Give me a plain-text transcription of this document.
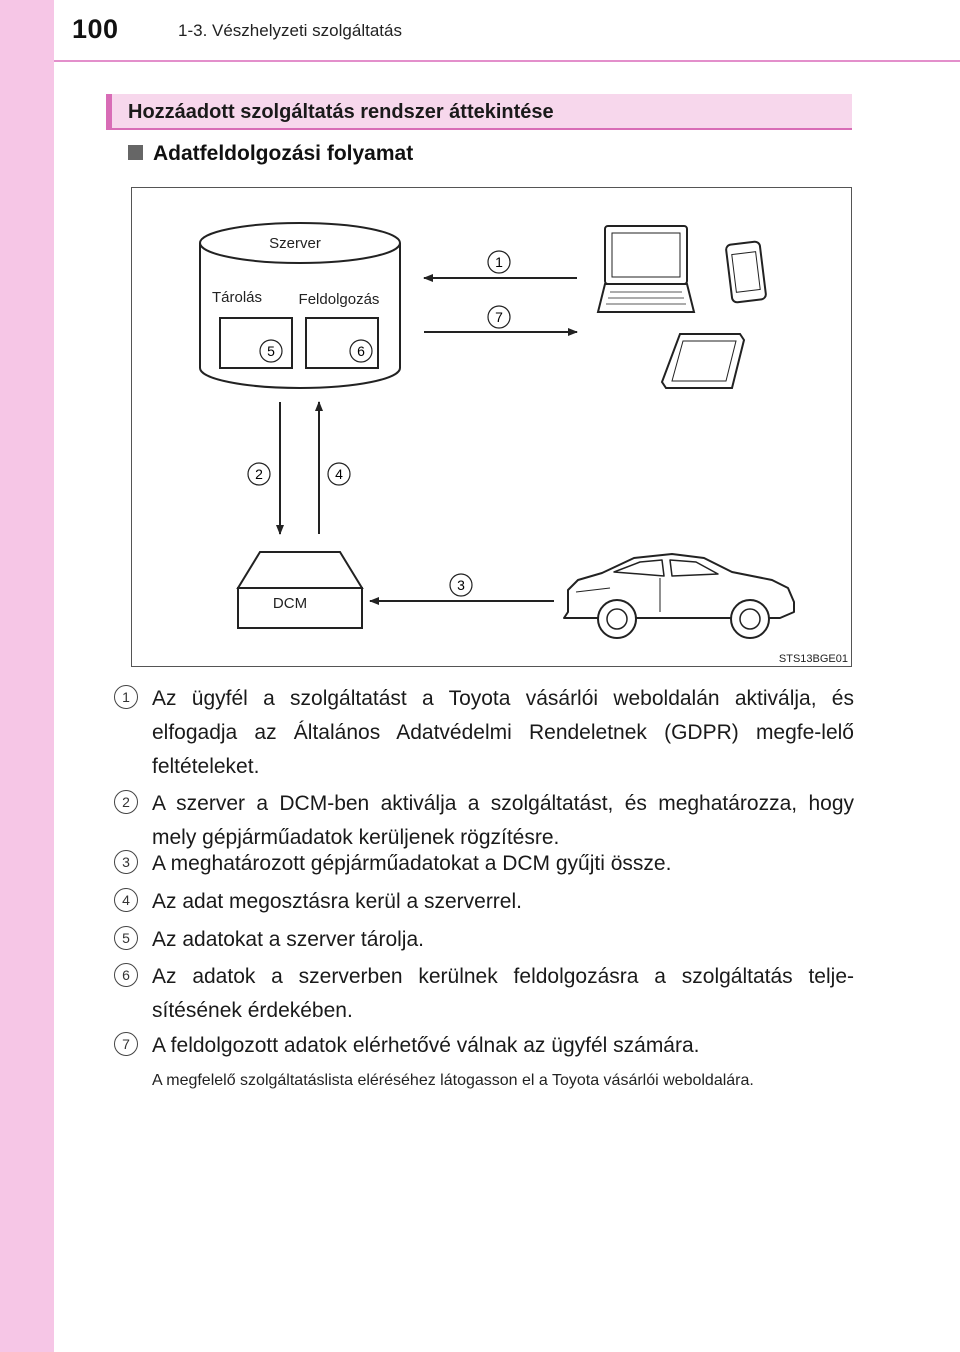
100	1-3. Vészhelyzeti szolgáltatás
Hozzáadott szolgáltatás rendszer áttekintése
Adatfeldolgozási folyamat
Szerver
Tárolás Feldolgozás
5	6
1
7
2	4
DCM
3
STS13BGE01
1	Az ügyfél a szolgáltatást a Toyota vásárlói weboldalán aktiválja, és elfogadja az Általános Adatvédelmi Rendeletnek (GDPR) megfe-lelő feltételeket.
2	A szerver a DCM-ben aktiválja a szolgáltatást, és meghatározza, hogy mely gépjárműadatok kerüljenek rögzítésre.
3	A meghatározott gépjárműadatokat a DCM gyűjti össze.
4	Az adat megosztásra kerül a szerverrel.
5	Az adatokat a szerver tárolja.
6	Az adatok a szerverben kerülnek feldolgozásra a szolgáltatás telje-sítésének érdekében.
7	A feldolgozott adatok elérhetővé válnak az ügyfél számára.
A megfelelő szolgáltatáslista eléréséhez látogasson el a Toyota vásárlói weboldalára.
